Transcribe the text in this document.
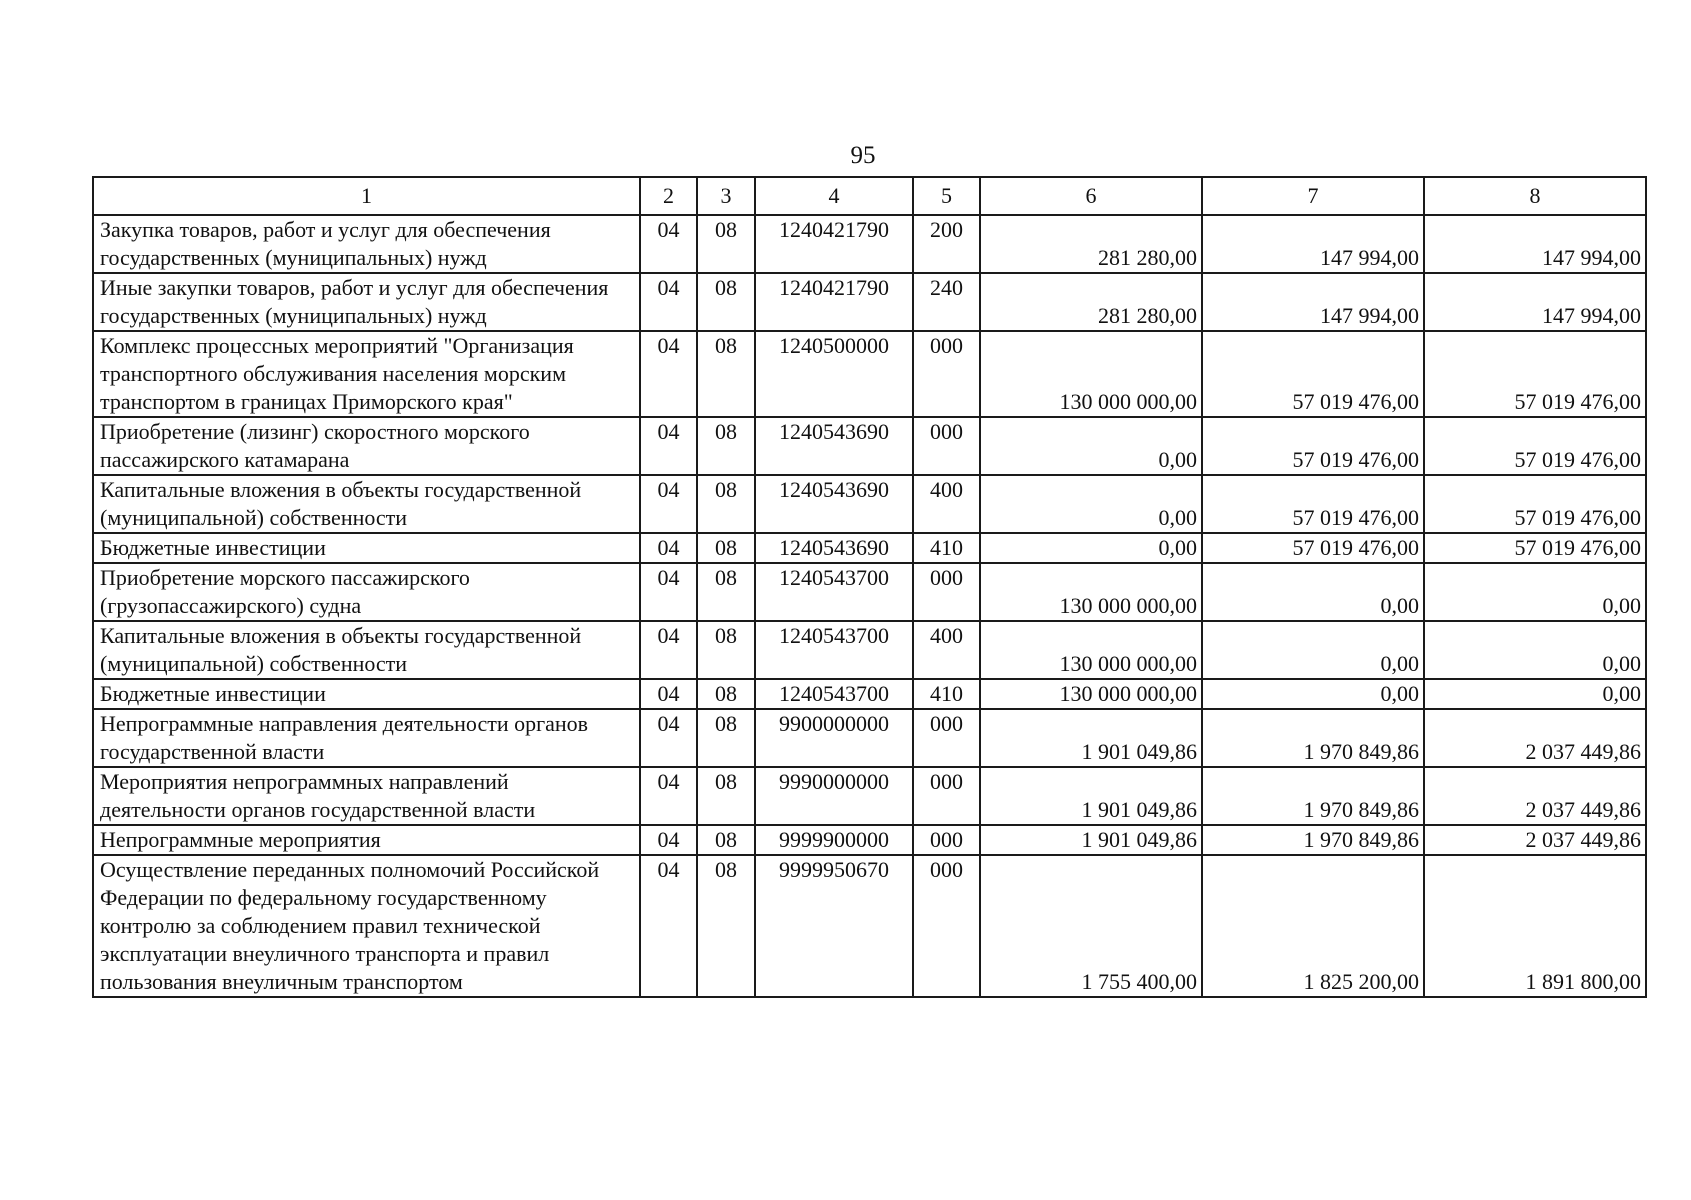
95
1	2	3	4	5	6	7	8
Закупка товаров, работ и услуг для обеспечения государственных (муниципальных) нужд	04	08	1240421790	200	281 280,00	147 994,00	147 994,00
Иные закупки товаров, работ и услуг для обеспечения государственных (муниципальных) нужд	04	08	1240421790	240	281 280,00	147 994,00	147 994,00
Комплекс процессных мероприятий "Организация транспортного обслуживания населения морским транспортом в границах Приморского края"	04	08	1240500000	000	130 000 000,00	57 019 476,00	57 019 476,00
Приобретение (лизинг) скоростного морского пассажирского катамарана	04	08	1240543690	000	0,00	57 019 476,00	57 019 476,00
Капитальные вложения в объекты государственной (муниципальной) собственности	04	08	1240543690	400	0,00	57 019 476,00	57 019 476,00
Бюджетные инвестиции	04	08	1240543690	410	0,00	57 019 476,00	57 019 476,00
Приобретение морского пассажирского (грузопассажирского) судна	04	08	1240543700	000	130 000 000,00	0,00	0,00
Капитальные вложения в объекты государственной (муниципальной) собственности	04	08	1240543700	400	130 000 000,00	0,00	0,00
Бюджетные инвестиции	04	08	1240543700	410	130 000 000,00	0,00	0,00
Непрограммные направления деятельности органов государственной власти	04	08	9900000000	000	1 901 049,86	1 970 849,86	2 037 449,86
Мероприятия непрограммных направлений деятельности органов государственной власти	04	08	9990000000	000	1 901 049,86	1 970 849,86	2 037 449,86
Непрограммные мероприятия	04	08	9999900000	000	1 901 049,86	1 970 849,86	2 037 449,86
Осуществление переданных полномочий Российской Федерации по федеральному государственному контролю за соблюдением правил технической эксплуатации внеуличного транспорта и правил пользования внеуличным транспортом	04	08	9999950670	000	1 755 400,00	1 825 200,00	1 891 800,00
